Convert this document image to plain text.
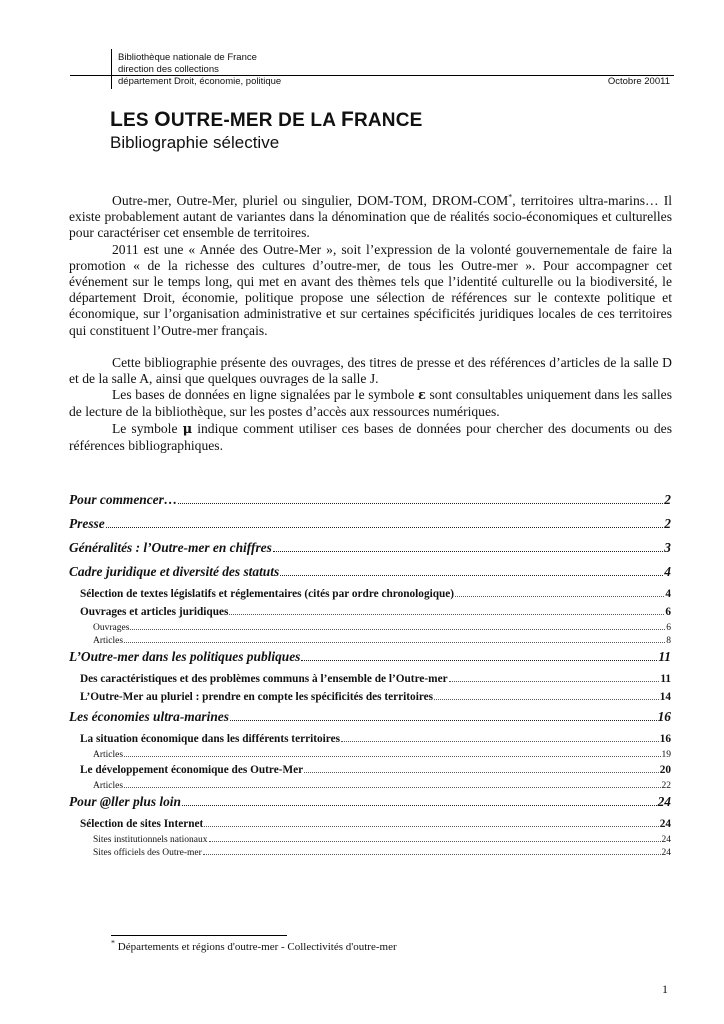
Bibliothèque nationale de France
direction des collections
département Droit, économie, politique	Octobre 20011
LES OUTRE-MER DE LA FRANCE
Bibliographie sélective

Outre-mer, Outre-Mer, pluriel ou singulier, DOM-TOM, DROM-COM*, territoires ultra-marins… Il existe probablement autant de variantes dans la dénomination que de réalités socio-économiques et culturelles pour caractériser cet ensemble de territoires.

2011 est une « Année des Outre-Mer », soit l’expression de la volonté gouvernementale de faire la promotion « de la richesse des cultures d’outre-mer, de tous les Outre-mer ». Pour accompagner cet événement sur le temps long, qui met en avant des thèmes tels que l’identité culturelle ou la biodiversité, le département Droit, économie, politique propose une sélection de références sur le contexte politique et économique, sur l’organisation administrative et sur certaines spécificités juridiques locales de ces territoires qui constituent l’Outre-mer français.

Cette bibliographie présente des ouvrages, des titres de presse et des références d’articles de la salle D et de la salle A, ainsi que quelques ouvrages de la salle J.

Les bases de données en ligne signalées par le symbole ε sont consultables uniquement dans les salles de lecture de la bibliothèque, sur les postes d’accès aux ressources numériques.

Le symbole μ indique comment utiliser ces bases de données pour chercher des documents ou des références bibliographiques.

Pour commencer…	2
Presse	2
Généralités : l’Outre-mer en chiffres	3
Cadre juridique et diversité des statuts	4
Sélection de textes législatifs et réglementaires (cités par ordre chronologique)	4
Ouvrages et articles juridiques	6
Ouvrages	6
Articles	8
L’Outre-mer dans les politiques publiques	11
Des caractéristiques et des problèmes communs à l’ensemble de l’Outre-mer	11
L’Outre-Mer au pluriel : prendre en compte les spécificités des territoires	14
Les économies ultra-marines	16
La situation économique dans les différents territoires	16
Articles	19
Le développement économique des Outre-Mer	20
Articles	22
Pour @ller plus loin	24
Sélection de sites Internet	24
Sites institutionnels nationaux	24
Sites officiels des Outre-mer	24
* Départements et régions d'outre-mer - Collectivités d'outre-mer
1
